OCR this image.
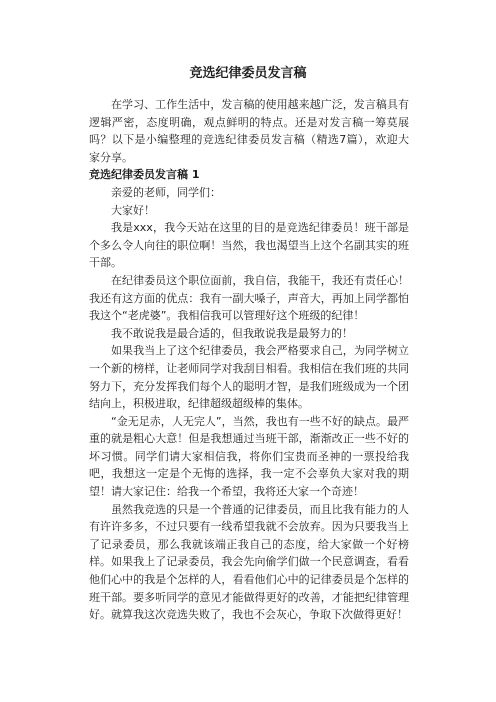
竞选纪律委员发言稿

在学习、工作生活中，发言稿的使用越来越广泛，发言稿具有逻辑严密，态度明确，观点鲜明的特点。还是对发言稿一筹莫展吗？以下是小编整理的竞选纪律委员发言稿（精选7篇），欢迎大家分享。

竞选纪律委员发言稿 1

亲爱的老师，同学们：

大家好！

我是xxx，我今天站在这里的目的是竞选纪律委员！班干部是个多么令人向往的职位啊！当然，我也渴望当上这个名副其实的班干部。

在纪律委员这个职位面前，我自信，我能干，我还有责任心！我还有这方面的优点：我有一副大嗓子，声音大，再加上同学都怕我这个“老虎婆”。我相信我可以管理好这个班级的纪律！

我不敢说我是最合适的，但我敢说我是最努力的！

如果我当上了这个纪律委员，我会严格要求自己，为同学树立一个新的榜样，让老师同学对我刮目相看。我相信在我们班的共同努力下，充分发挥我们每个人的聪明才智，是我们班级成为一个团结向上，积极进取，纪律超级超级棒的集体。

“金无足赤，人无完人”，当然，我也有一些不好的缺点。最严重的就是粗心大意！但是我想通过当班干部，渐渐改正一些不好的坏习惯。同学们请大家相信我，将你们宝贵而圣神的一票投给我吧，我想这一定是个无悔的选择，我一定不会辜负大家对我的期望！请大家记住：给我一个希望，我将还大家一个奇迹！

虽然我竞选的只是一个普通的记律委员，而且比我有能力的人有许许多多，不过只要有一线希望我就不会放弃。因为只要我当上了记录委员，那么我就该端正我自己的态度，给大家做一个好榜样。如果我上了记录委员，我会先向偷学们做一个民意调查，看看他们心中的我是个怎样的人，看看他们心中的记律委员是个怎样的班干部。要多听同学的意见才能做得更好的改善，才能把纪律管理好。就算我这次竞选失败了，我也不会灰心，争取下次做得更好！
